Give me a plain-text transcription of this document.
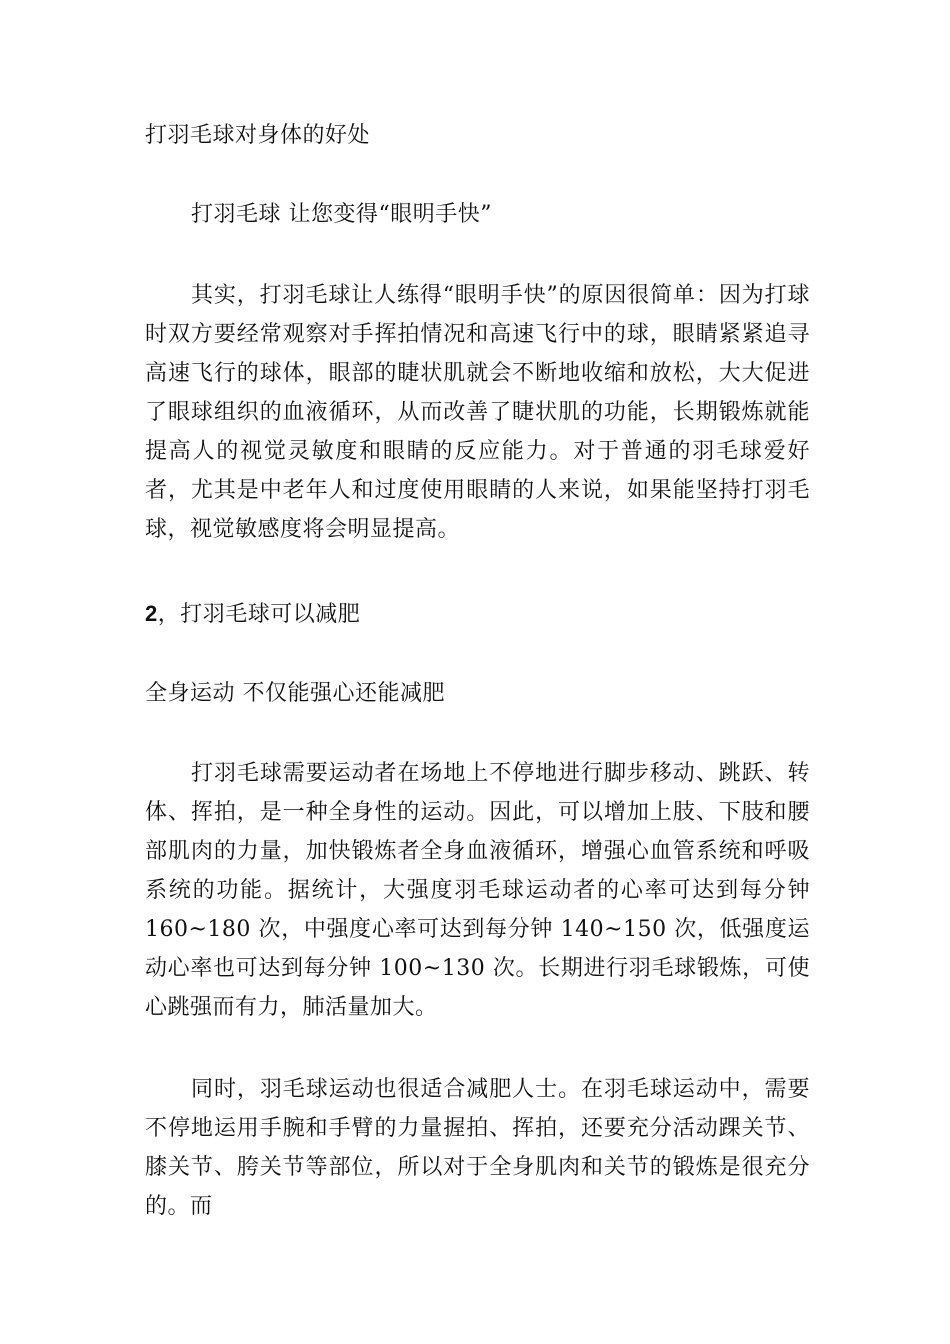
打羽毛球对身体的好处

打羽毛球 让您变得“眼明手快”

其实，打羽毛球让人练得“眼明手快”的原因很简单：因为打球时双方要经常观察对手挥拍情况和高速飞行中的球，眼睛紧紧追寻高速飞行的球体，眼部的睫状肌就会不断地收缩和放松，大大促进了眼球组织的血液循环，从而改善了睫状肌的功能，长期锻炼就能提高人的视觉灵敏度和眼睛的反应能力。对于普通的羽毛球爱好者，尤其是中老年人和过度使用眼睛的人来说，如果能坚持打羽毛球，视觉敏感度将会明显提高。

2，打羽毛球可以减肥

全身运动 不仅能强心还能减肥

打羽毛球需要运动者在场地上不停地进行脚步移动、跳跃、转体、挥拍，是一种全身性的运动。因此，可以增加上肢、下肢和腰部肌肉的力量，加快锻炼者全身血液循环，增强心血管系统和呼吸系统的功能。据统计，大强度羽毛球运动者的心率可达到每分钟 160~180 次，中强度心率可达到每分钟 140~150 次，低强度运动心率也可达到每分钟 100~130 次。长期进行羽毛球锻炼，可使心跳强而有力，肺活量加大。

同时，羽毛球运动也很适合减肥人士。在羽毛球运动中，需要不停地运用手腕和手臂的力量握拍、挥拍，还要充分活动踝关节、膝关节、胯关节等部位，所以对于全身肌肉和关节的锻炼是很充分的。而
